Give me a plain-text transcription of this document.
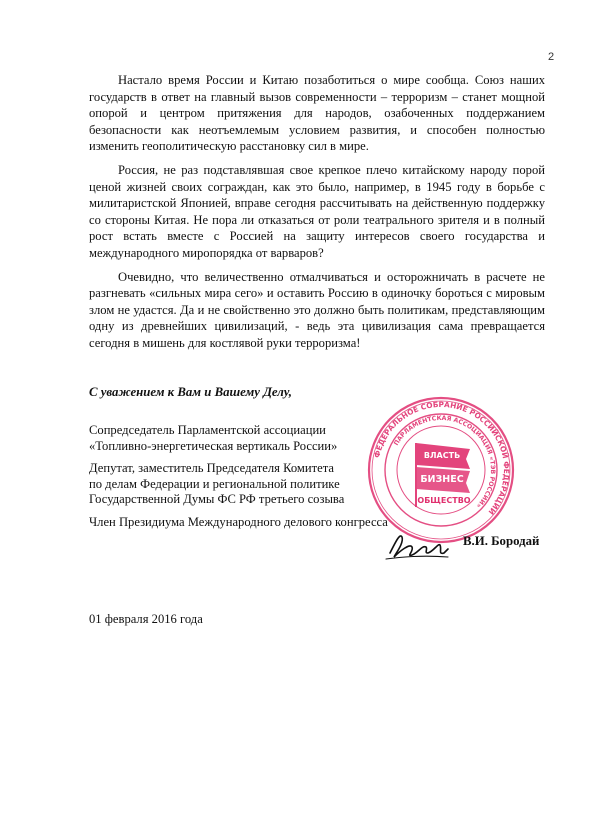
2

Настало время России и Китаю позаботиться о мире сообща. Союз наших государств в ответ на главный вызов современности – терроризм – станет мощной опорой и центром притяжения для народов, озабоченных поддержанием безопасности как неотъемлемым условием развития, и способен полностью изменить геополитическую расстановку сил в мире.

Россия, не раз подставлявшая свое крепкое плечо китайскому народу порой ценой жизней своих сограждан, как это было, например, в 1945 году в борьбе с милитаристской Японией, вправе сегодня рассчитывать на действенную поддержку со стороны Китая. Не пора ли отказаться от роли театрального зрителя и в полный рост встать вместе с Россией на защиту интересов своего государства и международного миропорядка от варваров?

Очевидно, что величественно отмалчиваться и осторожничать в расчете не разгневать «сильных мира сего» и оставить Россию в одиночку бороться с мировым злом не удастся. Да и не свойственно это должно быть политикам, представляющим одну из древнейших цивилизаций, - ведь эта цивилизация сама превращается сегодня в мишень для костлявой руки терроризма!

С уважением к Вам и Вашему Делу,
Сопредседатель Парламентской ассоциации
«Топливно-энергетическая вертикаль России»
Депутат, заместитель Председателя Комитета
по делам Федерации и региональной политике
Государственной Думы ФС РФ третьего созыва
Член Президиума Международного делового конгресса
ФЕДЕРАЛЬНОЕ СОБРАНИЕ РОССИЙСКОЙ ФЕДЕРАЦИИ
ПАРЛАМЕНТСКАЯ АССОЦИАЦИЯ «ТЭВ РОССИИ»
ВЛАСТЬ
БИЗНЕС
ОБЩЕСТВО
В.И. Бородай
01 февраля 2016 года
